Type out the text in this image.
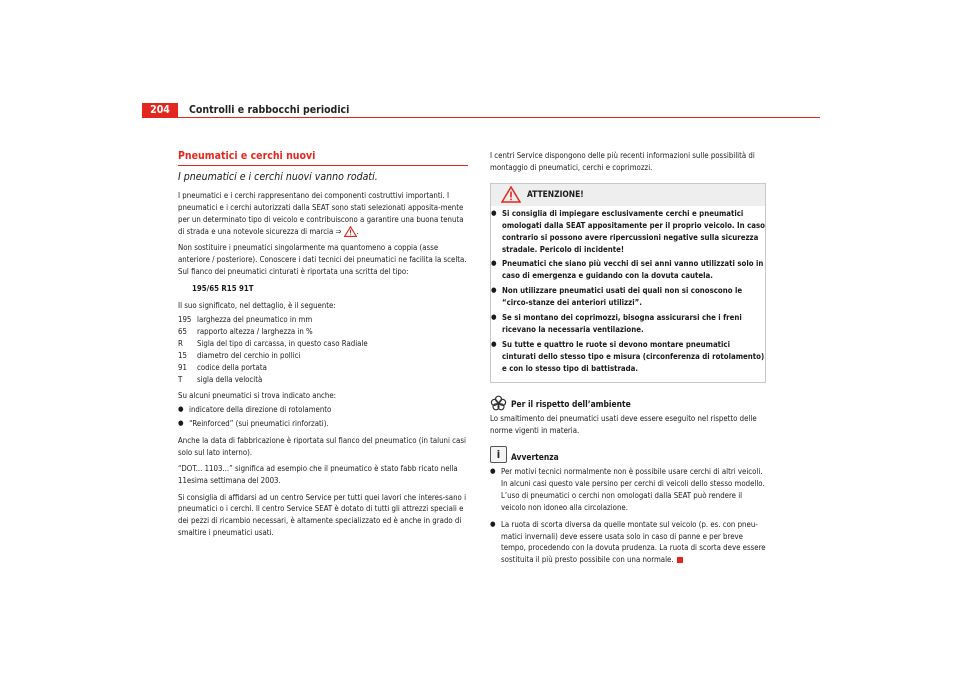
204	Controlli e rabbocchi periodici
Pneumatici e cerchi nuovi
I pneumatici e i cerchi nuovi vanno rodati.

I pneumatici e i cerchi rappresentano dei componenti costruttivi importanti. I pneumatici e i cerchi autorizzati dalla SEAT sono stati selezionati apposita-mente per un determinato tipo di veicolo e contribuiscono a garantire una buona tenuta di strada e una notevole sicurezza di marcia ⇒ .

Non sostituire i pneumatici singolarmente ma quantomeno a coppia (asse anteriore / posteriore). Conoscere i dati tecnici dei pneumatici ne facilita la scelta. Sul fianco dei pneumatici cinturati è riportata una scritta del tipo:

195/65 R15 91T

Il suo significato, nel dettaglio, è il seguente:

195 larghezza del pneumatico in mm
65	rapporto altezza / larghezza in %
R	Sigla del tipo di carcassa, in questo caso Radiale
15	diametro del cerchio in pollici
91	codice della portata
T	sigla della velocità

Su alcuni pneumatici si trova indicato anche:

● indicatore della direzione di rotolamento
● “Reinforced” (sui pneumatici rinforzati).

Anche la data di fabbricazione è riportata sul fianco del pneumatico (in taluni casi solo sul lato interno).

“DOT... 1103...” significa ad esempio che il pneumatico è stato fabb ricato nella 11esima settimana del 2003.

Si consiglia di affidarsi ad un centro Service per tutti quei lavori che interes-sano i pneumatici o i cerchi. Il centro Service SEAT è dotato di tutti gli attrezzi speciali e dei pezzi di ricambio necessari, è altamente specializzato ed è anche in grado di smaltire i pneumatici usati.

I centri Service dispongono delle più recenti informazioni sulle possibilità di montaggio di pneumatici, cerchi e coprimozzi.

ATTENZIONE!

● Si consiglia di impiegare esclusivamente cerchi e pneumatici omologati dalla SEAT appositamente per il proprio veicolo. In caso contrario si possono avere ripercussioni negative sulla sicurezza stradale. Pericolo di incidente!

● Pneumatici che siano più vecchi di sei anni vanno utilizzati solo in caso di emergenza e guidando con la dovuta cautela.

● Non utilizzare pneumatici usati dei quali non si conoscono le “circo-stanze dei anteriori utilizzi”.

● Se si montano dei coprimozzi, bisogna assicurarsi che i freni ricevano la necessaria ventilazione.

● Su tutte e quattro le ruote si devono montare pneumatici cinturati dello stesso tipo e misura (circonferenza di rotolamento) e con lo stesso tipo di battistrada.

Per il rispetto dell’ambiente

Lo smaltimento dei pneumatici usati deve essere eseguito nel rispetto delle norme vigenti in materia.

i	Avvertenza

● Per motivi tecnici normalmente non è possibile usare cerchi di altri veicoli. In alcuni casi questo vale persino per cerchi di veicoli dello stesso modello. L’uso di pneumatici o cerchi non omologati dalla SEAT può rendere il veicolo non idoneo alla circolazione.

● La ruota di scorta diversa da quelle montate sul veicolo (p. es. con pneu-matici invernali) deve essere usata solo in caso di panne e per breve tempo, procedendo con la dovuta prudenza. La ruota di scorta deve essere sostituita il più presto possibile con una normale.
